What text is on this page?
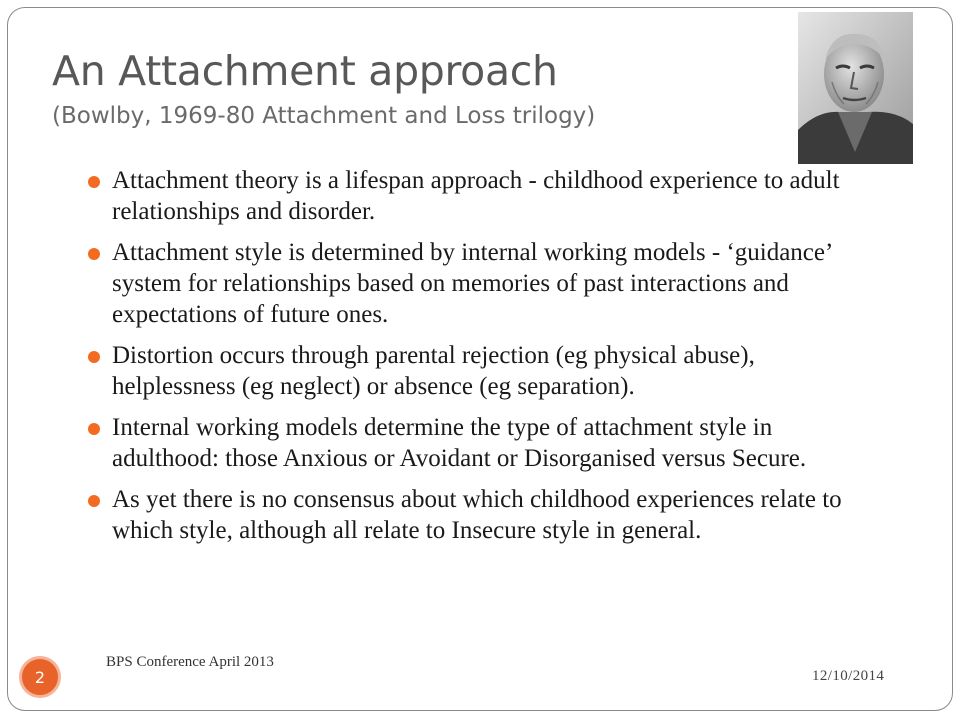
An Attachment approach
(Bowlby, 1969-80 Attachment and Loss trilogy)
Attachment theory is a lifespan approach - childhood experience to adult relationships and disorder.
Attachment style is determined by internal working models - ‘guidance’ system for relationships based on memories of past interactions and expectations of future ones.
Distortion occurs through parental rejection (eg physical abuse), helplessness (eg neglect) or absence (eg separation).
Internal working models determine the type of attachment style in adulthood: those Anxious or Avoidant or Disorganised versus Secure.
As yet there is no consensus about which childhood experiences relate to which style, although all relate to Insecure style in general.
2
BPS Conference April 2013
12/10/2014
